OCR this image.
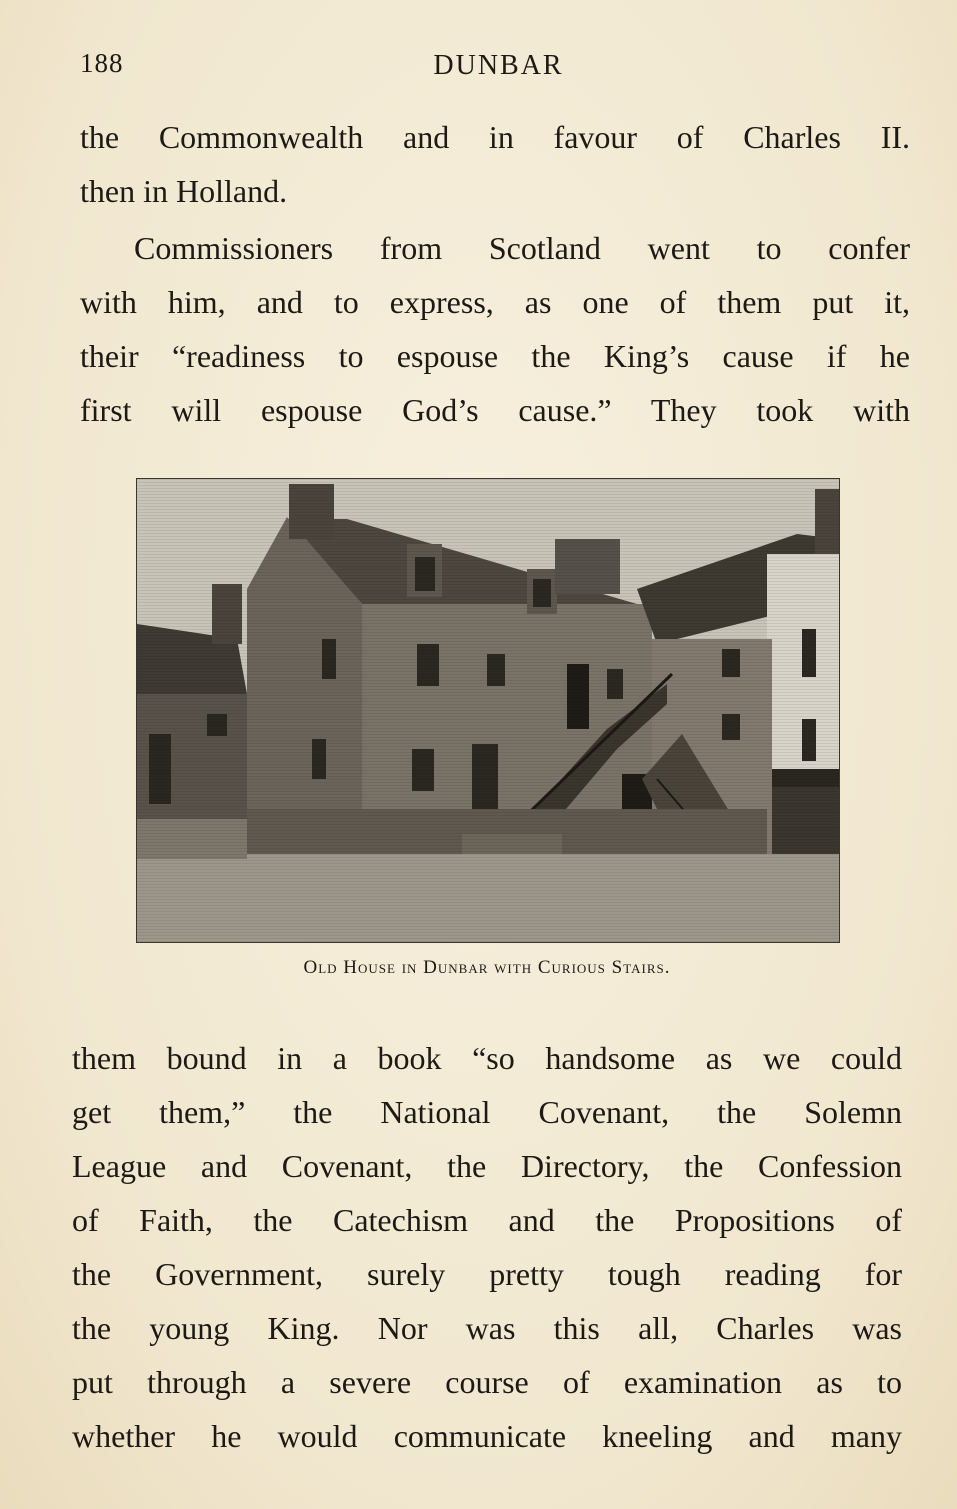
188	DUNBAR
the Commonwealth and in favour of Charles II.
then in Holland.
Commissioners from Scotland went to confer
with him, and to express, as one of them put it,
their “readiness to espouse the King’s cause if he
first will espouse God’s cause.” They took with
Old House in Dunbar with Curious Stairs.
them bound in a book “so handsome as we could
get them,” the National Covenant, the Solemn
League and Covenant, the Directory, the Confession
of Faith, the Catechism and the Propositions of
the Government, surely pretty tough reading for
the young King. Nor was this all, Charles was
put through a severe course of examination as to
whether he would communicate kneeling and many
